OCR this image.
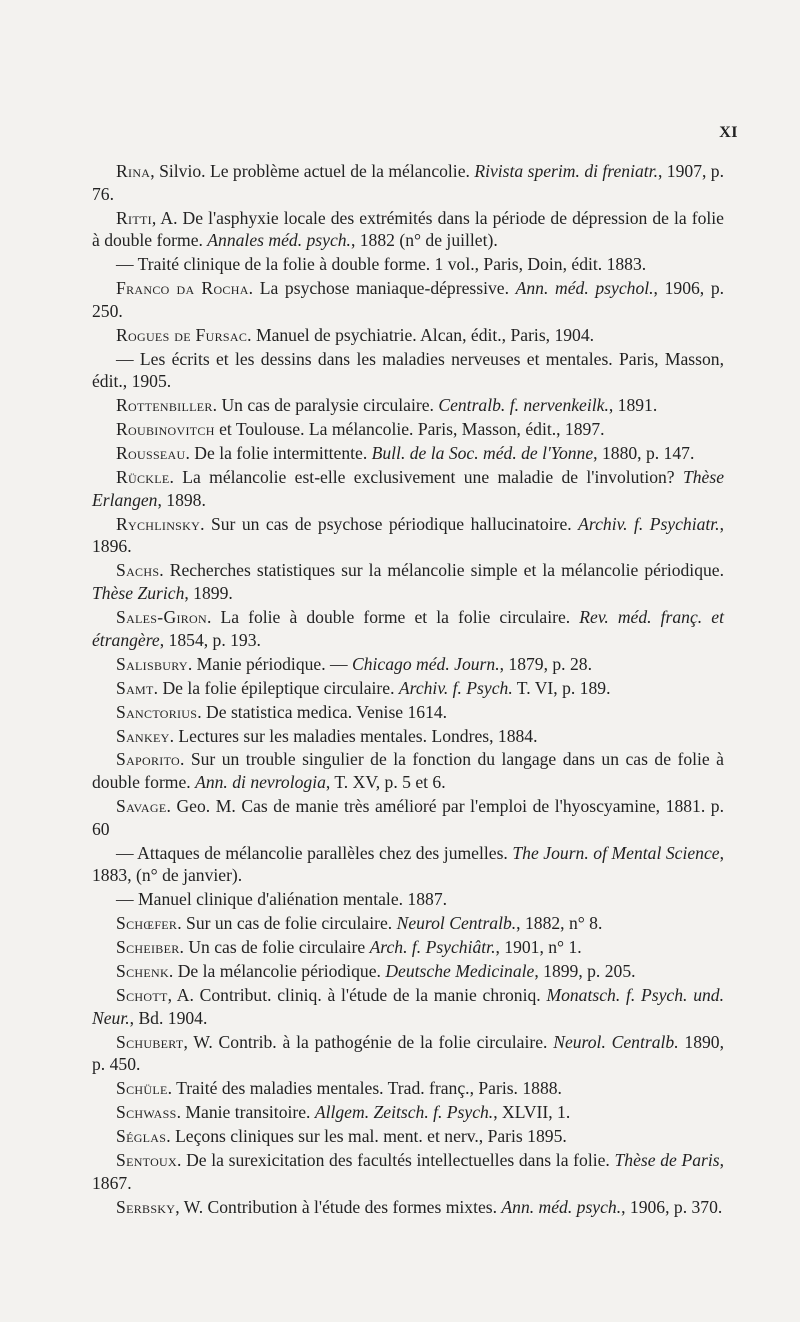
XI

Rina, Silvio. Le problème actuel de la mélancolie. Rivista sperim. di freniatr., 1907, p. 76.

Ritti, A. De l'asphyxie locale des extrémités dans la période de dépression de la folie à double forme. Annales méd. psych., 1882 (n° de juillet).

— Traité clinique de la folie à double forme. 1 vol., Paris, Doin, édit. 1883.

Franco da Rocha. La psychose maniaque-dépressive. Ann. méd. psychol., 1906, p. 250.

Rogues de Fursac. Manuel de psychiatrie. Alcan, édit., Paris, 1904.

— Les écrits et les dessins dans les maladies nerveuses et mentales. Paris, Masson, édit., 1905.

Rottenbiller. Un cas de paralysie circulaire. Centralb. f. nervenkeilk., 1891.

Roubinovitch et Toulouse. La mélancolie. Paris, Masson, édit., 1897.

Rousseau. De la folie intermittente. Bull. de la Soc. méd. de l'Yonne, 1880, p. 147.

Rückle. La mélancolie est-elle exclusivement une maladie de l'involution? Thèse Erlangen, 1898.

Rychlinsky. Sur un cas de psychose périodique hallucinatoire. Archiv. f. Psychiatr., 1896.

Sachs. Recherches statistiques sur la mélancolie simple et la mélancolie périodique. Thèse Zurich, 1899.

Sales-Giron. La folie à double forme et la folie circulaire. Rev. méd. franç. et étrangère, 1854, p. 193.

Salisbury. Manie périodique. — Chicago méd. Journ., 1879, p. 28.

Samt. De la folie épileptique circulaire. Archiv. f. Psych. T. VI, p. 189.

Sanctorius. De statistica medica. Venise 1614.

Sankey. Lectures sur les maladies mentales. Londres, 1884.

Saporito. Sur un trouble singulier de la fonction du langage dans un cas de folie à double forme. Ann. di nevrologia, T. XV, p. 5 et 6.

Savage. Geo. M. Cas de manie très amélioré par l'emploi de l'hyoscyamine, 1881. p. 60

— Attaques de mélancolie parallèles chez des jumelles. The Journ. of Mental Science, 1883, (n° de janvier).

— Manuel clinique d'aliénation mentale. 1887.

Schœfer. Sur un cas de folie circulaire. Neurol Centralb., 1882, n° 8.

Scheiber. Un cas de folie circulaire Arch. f. Psychiâtr., 1901, n° 1.

Schenk. De la mélancolie périodique. Deutsche Medicinale, 1899, p. 205.

Schott, A. Contribut. cliniq. à l'étude de la manie chroniq. Monatsch. f. Psych. und. Neur., Bd. 1904.

Schubert, W. Contrib. à la pathogénie de la folie circulaire. Neurol. Centralb. 1890, p. 450.

Schüle. Traité des maladies mentales. Trad. franç., Paris. 1888.

Schwass. Manie transitoire. Allgem. Zeitsch. f. Psych., XLVII, 1.

Séglas. Leçons cliniques sur les mal. ment. et nerv., Paris 1895.

Sentoux. De la surexicitation des facultés intellectuelles dans la folie. Thèse de Paris, 1867.

Serbsky, W. Contribution à l'étude des formes mixtes. Ann. méd. psych., 1906, p. 370.
